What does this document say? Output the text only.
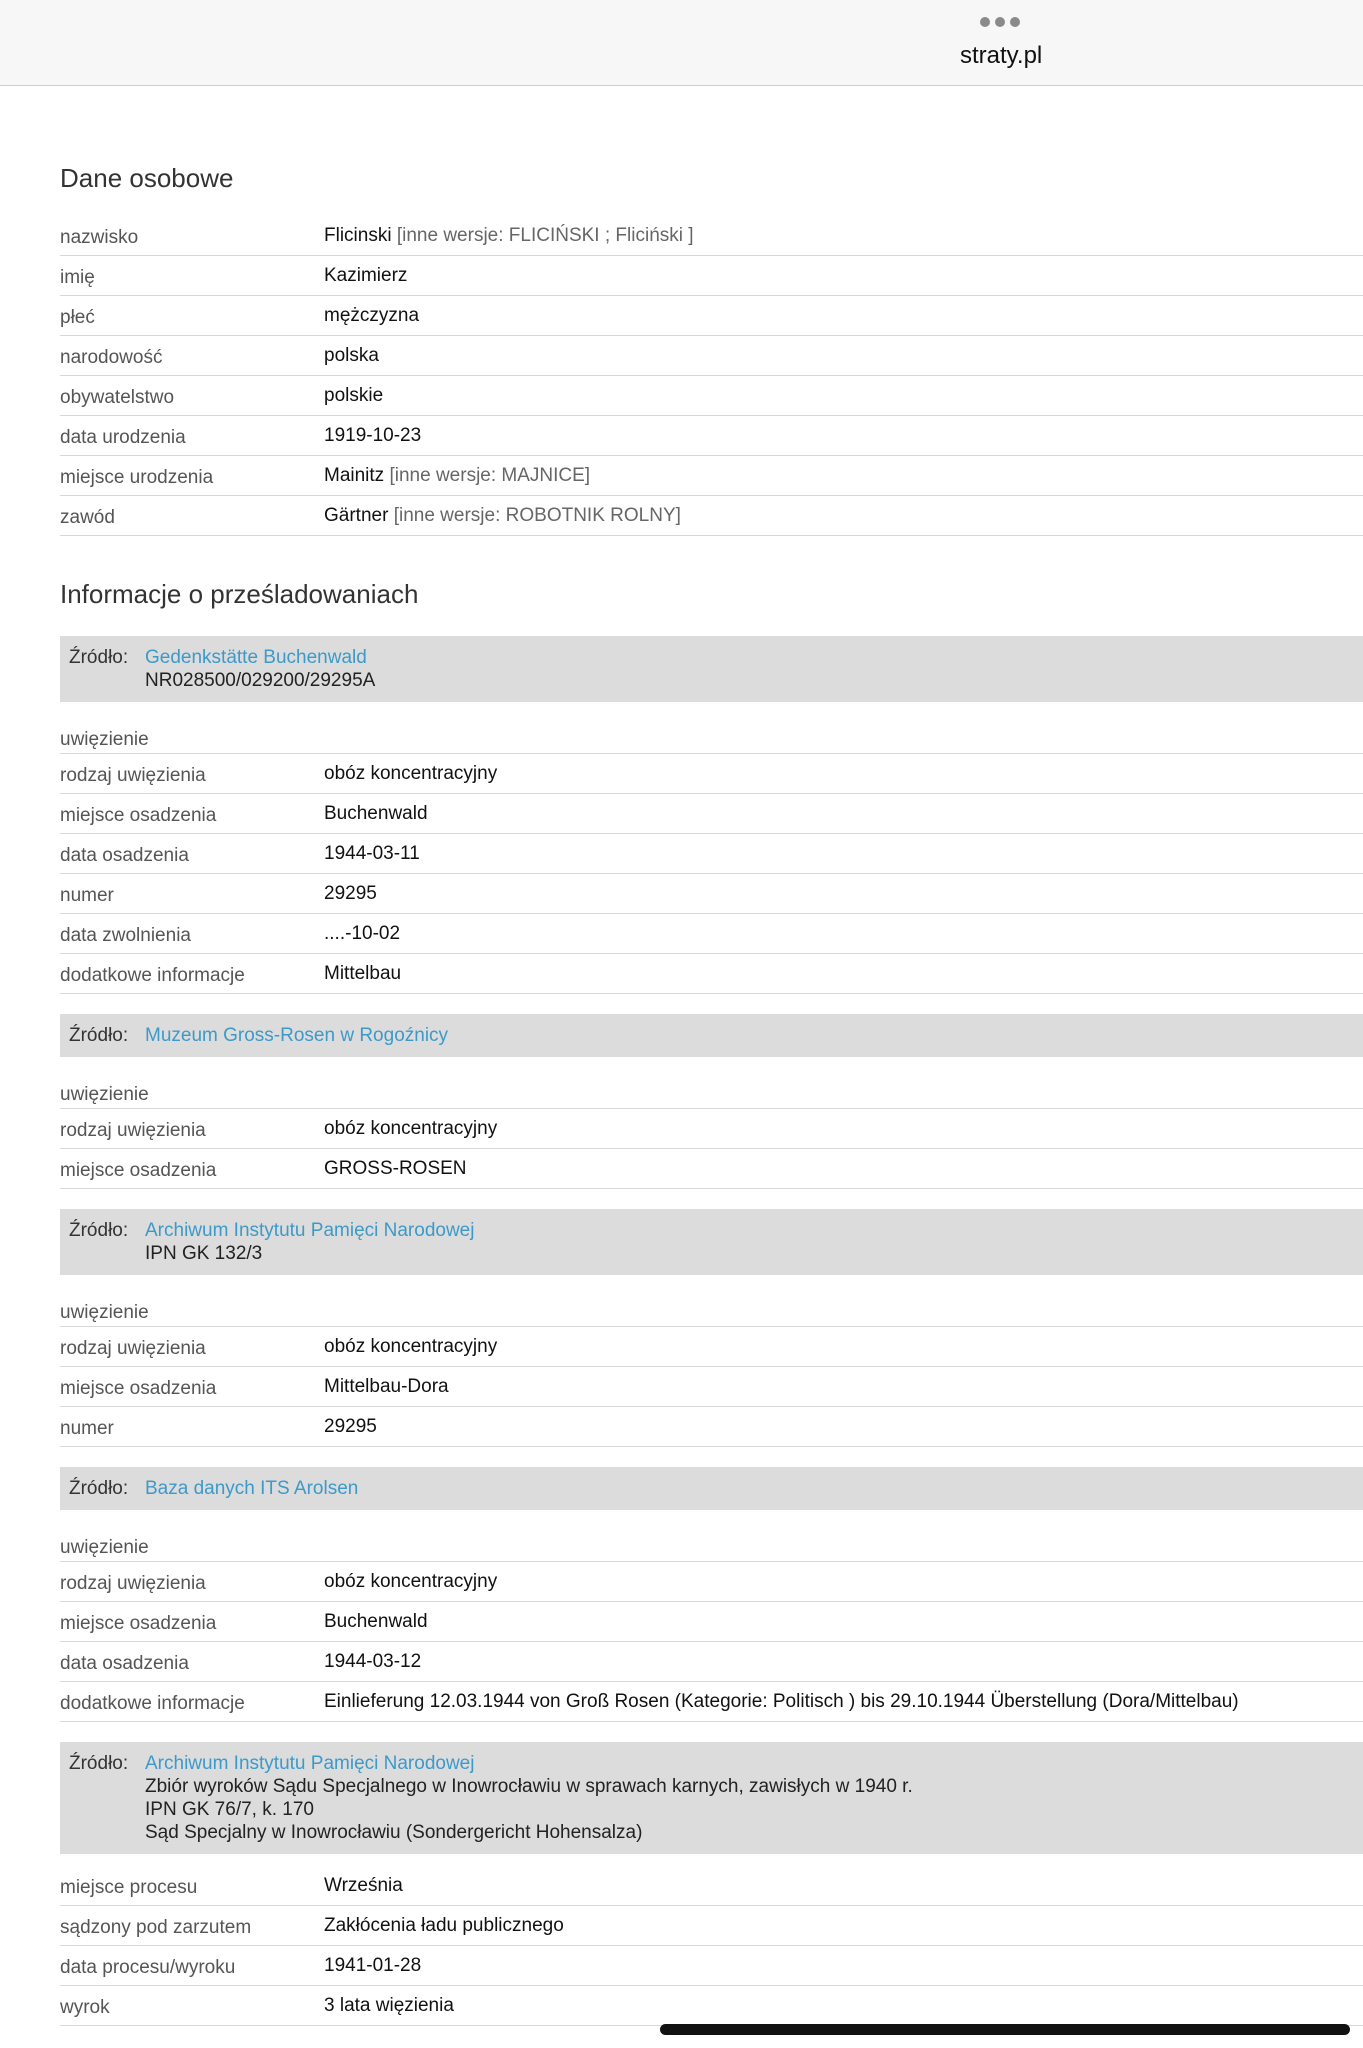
straty.pl
Dane osobowe
nazwisko	Flicinski [inne wersje: FLICIŃSKI ; Fliciński ]
imię	Kazimierz
płeć	mężczyzna
narodowość	polska
obywatelstwo	polskie
data urodzenia	1919-10-23
miejsce urodzenia	Mainitz [inne wersje: MAJNICE]
zawód	Gärtner [inne wersje: ROBOTNIK ROLNY]
Informacje o prześladowaniach
Źródło: Gedenkstätte Buchenwald
NR028500/029200/29295A
uwięzienie
rodzaj uwięzienia	obóz koncentracyjny
miejsce osadzenia	Buchenwald
data osadzenia	1944-03-11
numer	29295
data zwolnienia	....-10-02
dodatkowe informacje	Mittelbau
Źródło: Muzeum Gross-Rosen w Rogoźnicy
uwięzienie
rodzaj uwięzienia	obóz koncentracyjny
miejsce osadzenia	GROSS-ROSEN
Źródło: Archiwum Instytutu Pamięci Narodowej
IPN GK 132/3
uwięzienie
rodzaj uwięzienia	obóz koncentracyjny
miejsce osadzenia	Mittelbau-Dora
numer	29295
Źródło: Baza danych ITS Arolsen
uwięzienie
rodzaj uwięzienia	obóz koncentracyjny
miejsce osadzenia	Buchenwald
data osadzenia	1944-03-12
dodatkowe informacje	Einlieferung 12.03.1944 von Groß Rosen (Kategorie: Politisch ) bis 29.10.1944 Überstellung (Dora/Mittelbau)
Źródło: Archiwum Instytutu Pamięci Narodowej
Zbiór wyroków Sądu Specjalnego w Inowrocławiu w sprawach karnych, zawisłych w 1940 r.
IPN GK 76/7, k. 170
Sąd Specjalny w Inowrocławiu (Sondergericht Hohensalza)
miejsce procesu	Września
sądzony pod zarzutem	Zakłócenia ładu publicznego
data procesu/wyroku	1941-01-28
wyrok	3 lata więzienia
